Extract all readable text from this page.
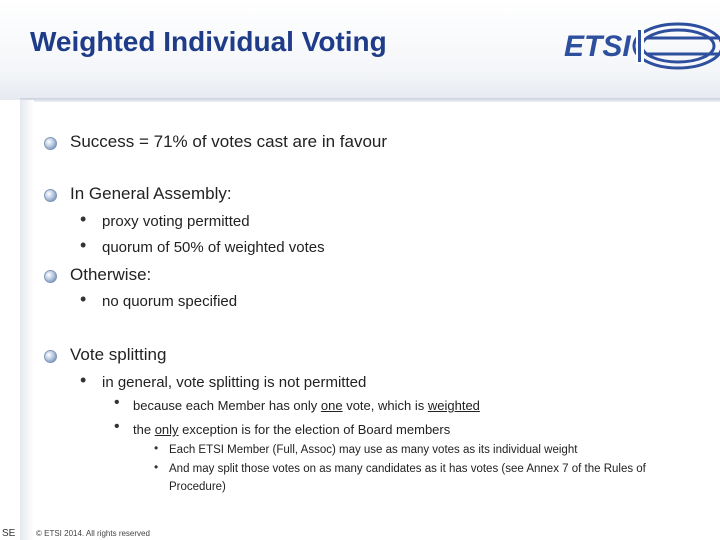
Weighted Individual Voting	ETSI
Success = 71% of votes cast are in favour
In General Assembly:
• proxy voting permitted
• quorum of 50% of weighted votes
Otherwise:
• no quorum specified
Vote splitting
• in general, vote splitting is not permitted
• because each Member has only one vote, which is weighted
• the only exception is for the election of Board members
• Each ETSI Member (Full, Assoc) may use as many votes as its individual weight
• And may split those votes on as many candidates as it has votes (see Annex 7 of the Rules of Procedure)
SE	© ETSI 2014. All rights reserved
